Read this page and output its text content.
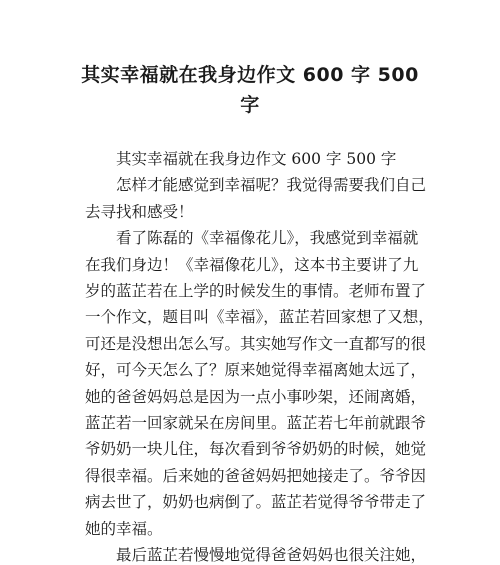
其实幸福就在我身边作文 600 字 500
字
其实幸福就在我身边作文 600 字 500 字
怎样才能感觉到幸福呢？我觉得需要我们自己
去寻找和感受！
看了陈磊的《幸福像花儿》，我感觉到幸福就
在我们身边！《幸福像花儿》，这本书主要讲了九
岁的蓝芷若在上学的时候发生的事情。老师布置了
一个作文，题目叫《幸福》，蓝芷若回家想了又想，
可还是没想出怎么写。其实她写作文一直都写的很
好，可今天怎么了？原来她觉得幸福离她太远了，
她的爸爸妈妈总是因为一点小事吵架，还闹离婚，
蓝芷若一回家就呆在房间里。蓝芷若七年前就跟爷
爷奶奶一块儿住，每次看到爷爷奶奶的时候，她觉
得很幸福。后来她的爸爸妈妈把她接走了。爷爷因
病去世了，奶奶也病倒了。蓝芷若觉得爷爷带走了
她的幸福。
最后蓝芷若慢慢地觉得爸爸妈妈也很关注她，
